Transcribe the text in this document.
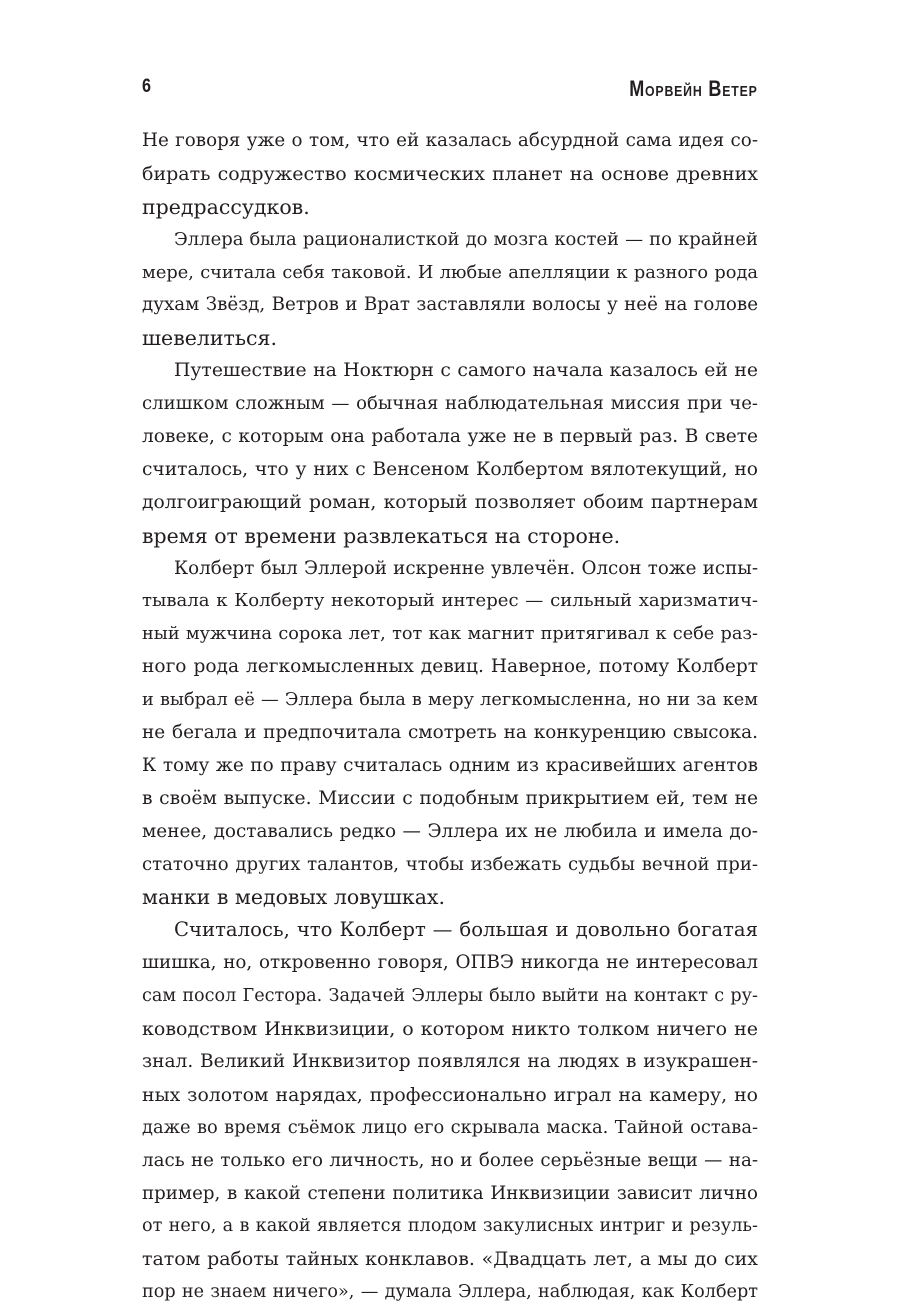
6	Морвейн Ветер
Не говоря уже о том, что ей казалась абсурдной сама идея со-
бирать содружество космических планет на основе древних
предрассудков.
Эллера была рационалисткой до мозга костей — по крайней
мере, считала себя таковой. И любые апелляции к разного рода
духам Звёзд, Ветров и Врат заставляли волосы у неё на голове
шевелиться.
Путешествие на Ноктюрн с самого начала казалось ей не
слишком сложным — обычная наблюдательная миссия при че-
ловеке, с которым она работала уже не в первый раз. В свете
считалось, что у них с Венсеном Колбертом вялотекущий, но
долгоиграющий роман, который позволяет обоим партнерам
время от времени развлекаться на стороне.
Колберт был Эллерой искренне увлечён. Олсон тоже испы-
тывала к Колберту некоторый интерес — сильный харизматич-
ный мужчина сорока лет, тот как магнит притягивал к себе раз-
ного рода легкомысленных девиц. Наверное, потому Колберт
и выбрал её — Эллера была в меру легкомысленна, но ни за кем
не бегала и предпочитала смотреть на конкуренцию свысока.
К тому же по праву считалась одним из красивейших агентов
в своём выпуске. Миссии с подобным прикрытием ей, тем не
менее, доставались редко — Эллера их не любила и имела до-
статочно других талантов, чтобы избежать судьбы вечной при-
манки в медовых ловушках.
Считалось, что Колберт — большая и довольно богатая
шишка, но, откровенно говоря, ОПВЭ никогда не интересовал
сам посол Гестора. Задачей Эллеры было выйти на контакт с ру-
ководством Инквизиции, о котором никто толком ничего не
знал. Великий Инквизитор появлялся на людях в изукрашен-
ных золотом нарядах, профессионально играл на камеру, но
даже во время съёмок лицо его скрывала маска. Тайной остава-
лась не только его личность, но и более серьёзные вещи — на-
пример, в какой степени политика Инквизиции зависит лично
от него, а в какой является плодом закулисных интриг и резуль-
татом работы тайных конклавов. «Двадцать лет, а мы до сих
пор не знаем ничего», — думала Эллера, наблюдая, как Колберт
